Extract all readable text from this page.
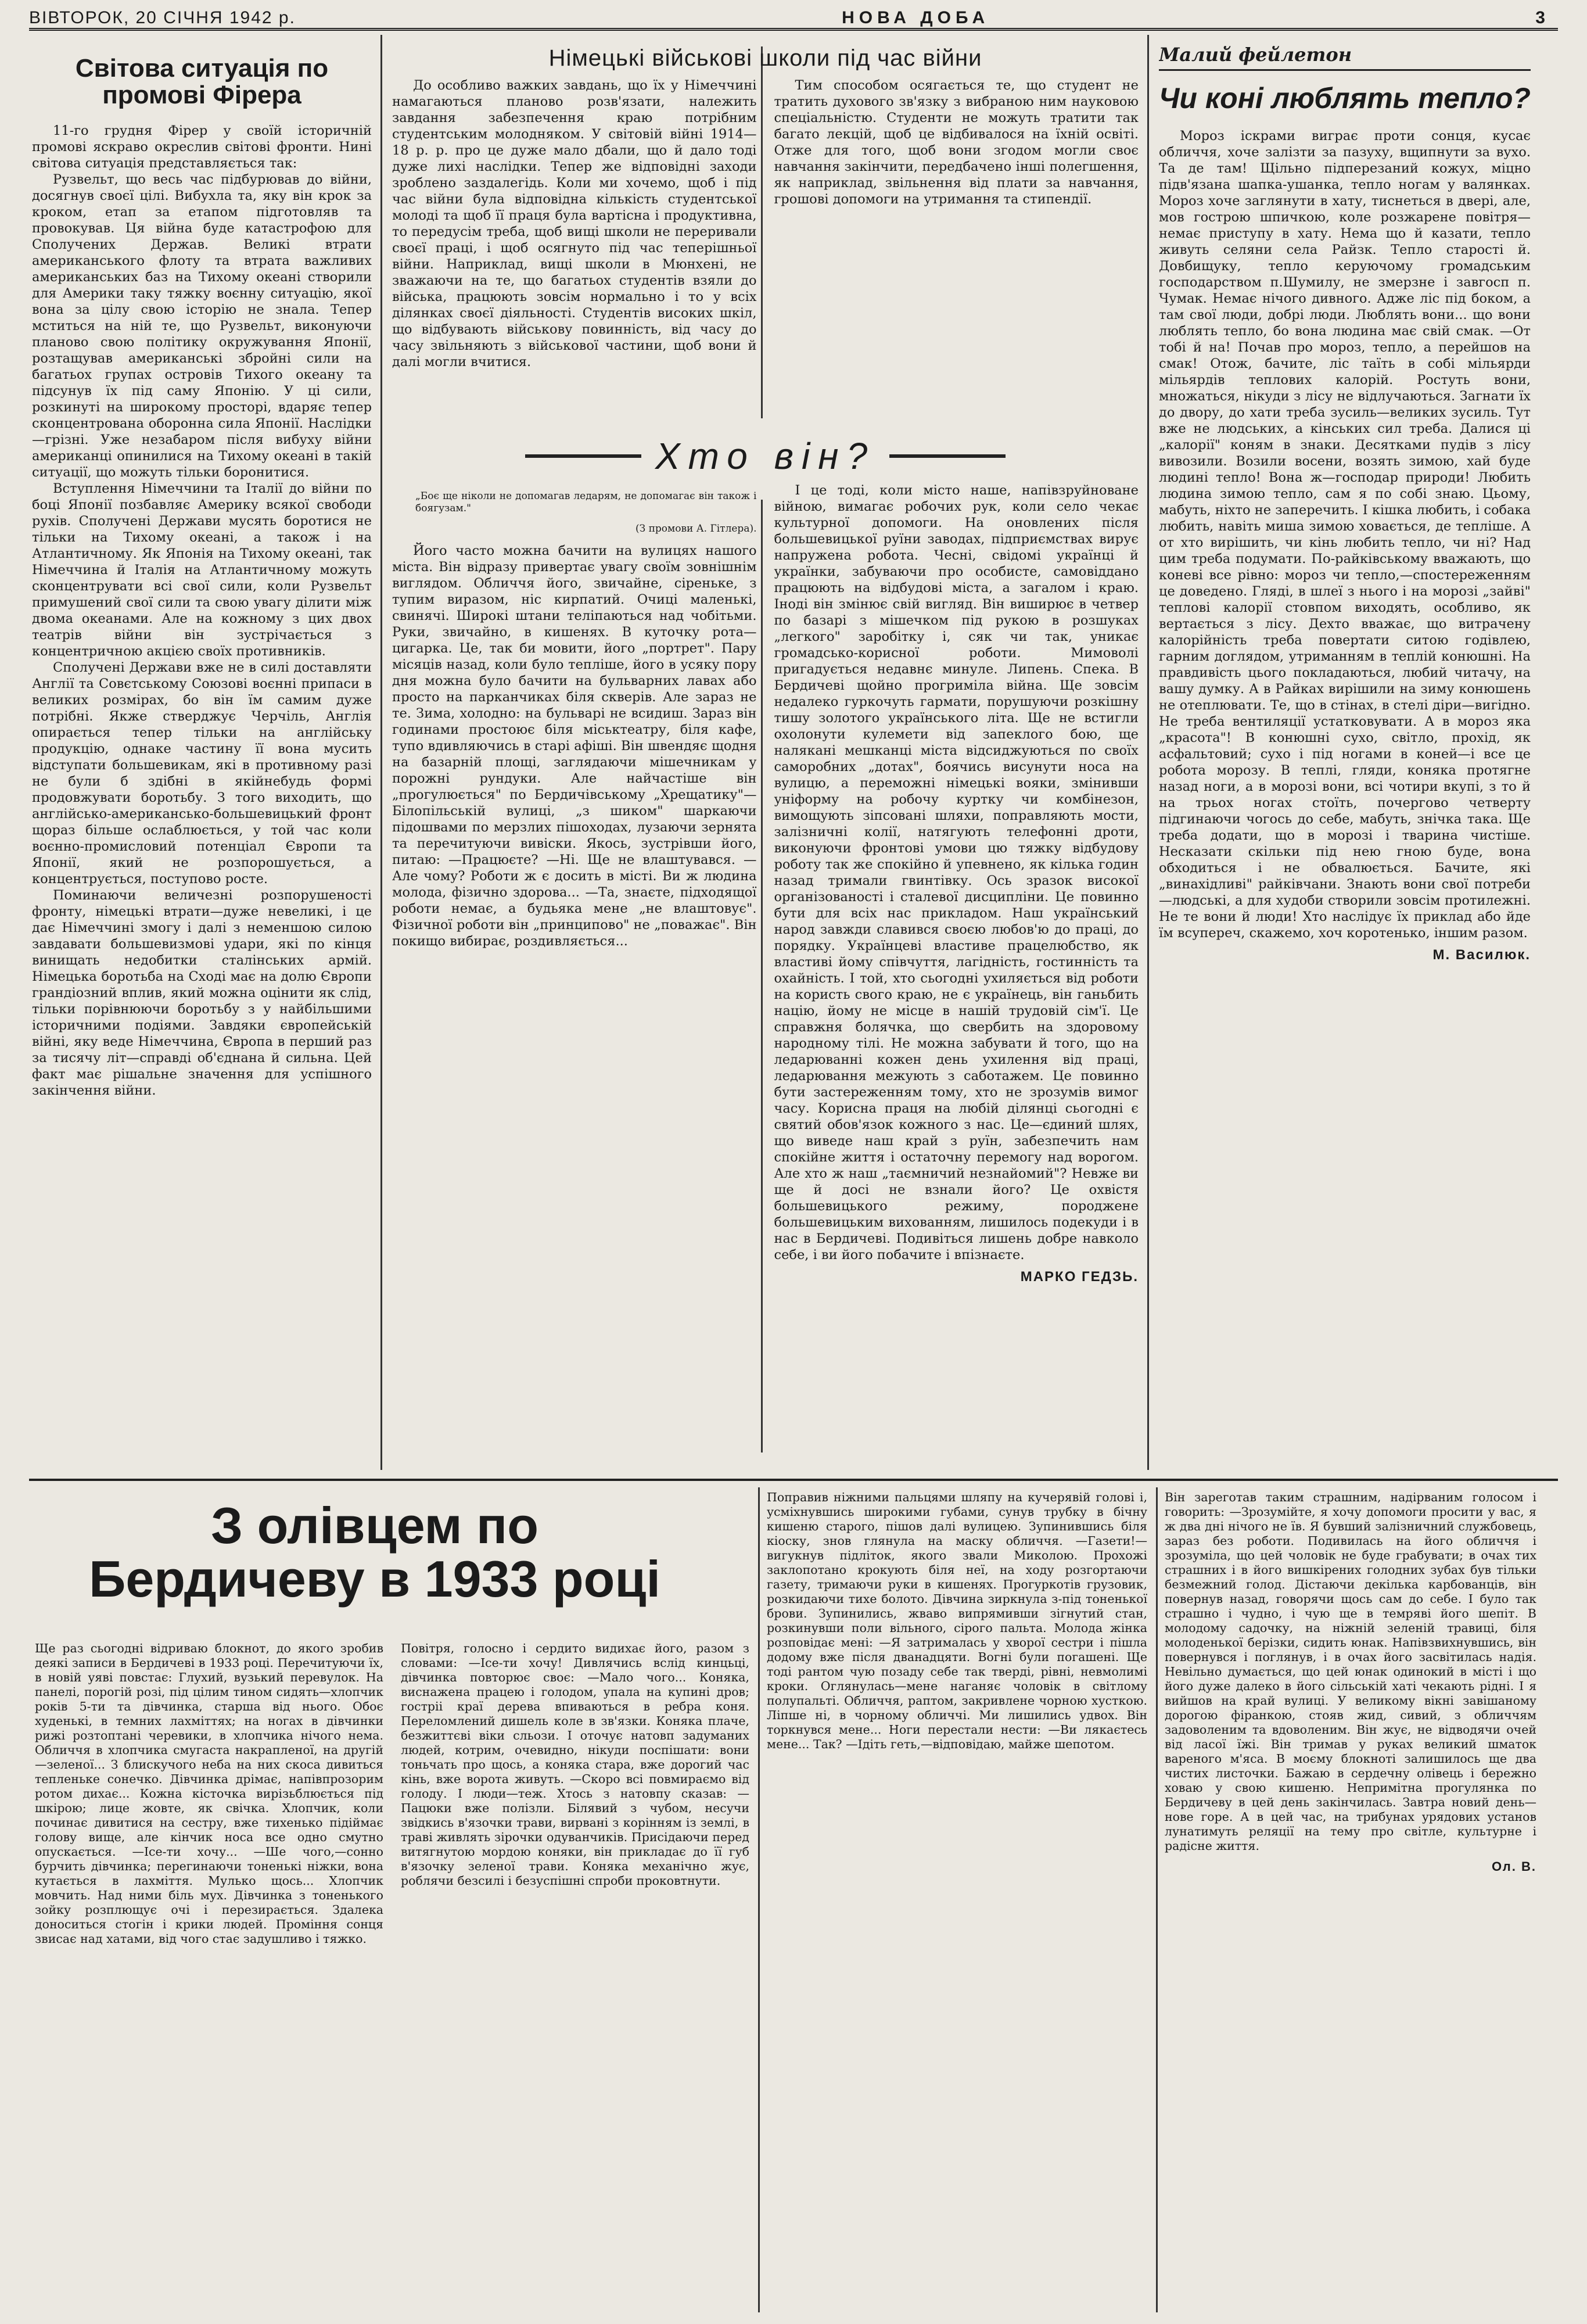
ВІВТОРОК, 20 СІЧНЯ 1942 р.	НОВА ДОБА	3
Світова ситуація по промові Фірера

11-го грудня Фірер у своїй історичній промові яскраво окреслив світові фронти. Нині світова ситуація представляється так:

Рузвельт, що весь час підбурював до війни, досягнув своєї цілі. Вибухла та, яку він крок за кроком, етап за етапом підготовляв та провокував. Ця війна буде катастрофою для Сполучених Держав. Великі втрати американського флоту та втрата важливих американських баз на Тихому океані створили для Америки таку тяжку воєнну ситуацію, якої вона за цілу свою історію не знала. Тепер мститься на ній те, що Рузвельт, виконуючи планово свою політику окружування Японії, розтащував американські збройні сили на багатьох групах островів Тихого океану та підсунув їх під саму Японію. У ці сили, розкинуті на широкому просторі, вдаряє тепер сконцентрована оборонна сила Японії. Наслідки—грізні. Уже незабаром після вибуху війни американці опинилися на Тихому океані в такій ситуації, що можуть тільки боронитися.

Вступлення Німеччини та Італії до війни по боці Японії позбавляє Америку всякої свободи рухів. Сполучені Держави мусять боротися не тільки на Тихому океані, а також і на Атлантичному. Як Японія на Тихому океані, так Німеччина й Італія на Атлантичному можуть сконцентрувати всі свої сили, коли Рузвельт примушений свої сили та свою увагу ділити між двома океанами. Але на кожному з цих двох театрів війни він зустрічається з концентричною акцією своїх противників.

Сполучені Держави вже не в силі доставляти Англії та Совєтському Союзові воєнні припаси в великих розмірах, бо він їм самим дуже потрібні. Якже стверджує Черчіль, Англія опирається тепер тільки на англійську продукцію, однаке частину її вона мусить відступати большевикам, які в противному разі не були б здібні в якійнебудь формі продовжувати боротьбу. З того виходить, що англійсько-американсько-большевицький фронт щораз більше ослаблюється, у той час коли воєнно-промисловий потенціал Європи та Японії, який не розпорошується, а концентрується, поступово росте.

Поминаючи величезні розпорушеності фронту, німецькі втрати—дуже невеликі, і це дає Німеччині змогу і далі з неменшою силою завдавати большевизмові удари, які по кінця винищать недобитки сталінських армій. Німецька боротьба на Сході має на долю Європи грандіозний вплив, який можна оцінити як слід, тільки порівнюючи боротьбу з у найбільшими історичними подіями. Завдяки європейській війні, яку веде Німеччина, Європа в перший раз за тисячу літ—справді об'єднана й сильна. Цей факт має рішальне значення для успішного закінчення війни.

Німецькі військові школи під час війни
До особливо важких завдань, що їх у Німеччині намагаються планово розв'язати, належить завдання забезпечення краю потрібним студентським молодняком. У світовій війні 1914—18 р. р. про це дуже мало дбали, що й дало тоді дуже лихі наслідки. Тепер же відповідні заходи зроблено заздалегідь. Коли ми хочемо, щоб і під час війни була відповідна кількість студентської молоді та щоб її праця була вартісна і продуктивна, то передусім треба, щоб вищі школи не переривали своєї праці, і щоб осягнуто під час теперішньої війни. Наприклад, вищі школи в Мюнхені, не зважаючи на те, що багатьох студентів взяли до війська, працюють зовсім нормально і то у всіх ділянках своєї діяльності. Студентів високих шкіл, що відбувають військову повинність, від часу до часу звільняють з військової частини, щоб вони й далі могли вчитися.
Тим способом осягається те, що студент не тратить духового зв'язку з вибраною ним науковою спеціальністю. Студенти не можуть тратити так багато лекцій, щоб це відбивалося на їхній освіті. Отже для того, щоб вони згодом могли своє навчання закінчити, передбачено інші полегшення, як наприклад, звільнення від плати за навчання, грошові допомоги на утримання та стипендії.
Хто він?
„Боє ще ніколи не допомагав ледарям, не допомагає він також і боягузам."
(З промови А. Гітлера).
Його часто можна бачити на вулицях нашого міста. Він відразу привертає увагу своїм зовнішнім виглядом. Обличчя його, звичайне, сіреньке, з тупим виразом, ніс кирпатий. Очиці маленькі, свинячі. Широкі штани теліпаються над чобітьми. Руки, звичайно, в кишенях. В куточку рота—цигарка. Це, так би мовити, його „портрет". Пару місяців назад, коли було тепліше, його в усяку пору дня можна було бачити на бульварних лавах або просто на парканчиках біля скверів. Але зараз не те. Зима, холодно: на бульварі не всидиш. Зараз він годинами простоює біля міськтеатру, біля кафе, тупо вдивляючись в старі афіші. Він швендяє щодня на базарній площі, заглядаючи мішечникам у порожні рундуки. Але найчастіше він „прогулюється" по Бердичівському „Хрещатику"—Білопільській вулиці, „з шиком" шаркаючи підошвами по мерзлих пішоходах, лузаючи зернята та перечитуючи вивіски. Якось, зустрівши його, питаю: —Працюєте? —Ні. Ще не влаштувався. —Але чому? Роботи ж є досить в місті. Ви ж людина молода, фізично здорова... —Та, знаєте, підходящої роботи немає, а будьяка мене „не влаштовує". Фізичної роботи він „принципово" не „поважає". Він покищо вибирає, роздивляється...
І це тоді, коли місто наше, напівзруйноване війною, вимагає робочих рук, коли село чекає культурної допомоги. На оновлених після большевицької руїни заводах, підприємствах вирує напружена робота. Чесні, свідомі українці й українки, забуваючи про особисте, самовіддано працюють на відбудові міста, а загалом і краю. Іноді він змінює свій вигляд. Він виширює в четвер по базарі з мішечком під рукою в розшуках „легкого" заробітку і, сяк чи так, уникає громадсько-корисної роботи. Мимоволі пригадується недавнє минуле. Липень. Спека. В Бердичеві щойно прогриміла війна. Ще зовсім недалеко гуркочуть гармати, порушуючи розкішну тишу золотого українського літа. Ще не встигли охолонути кулемети від запеклого бою, ще налякані мешканці міста відсиджуються по своїх саморобних „дотах", боячись висунути носа на вулицю, а переможні німецькі вояки, змінивши уніформу на робочу куртку чи комбінезон, вимощують зіпсовані шляхи, поправляють мости, залізничні колії, натягують телефонні дроти, виконуючи фронтові умови цю тяжку відбудову роботу так же спокійно й упевнено, як кілька годин назад тримали гвинтівку. Ось зразок високої організованості і сталевої дисципліни. Це повинно бути для всіх нас прикладом. Наш український народ завжди славився своєю любов'ю до праці, до порядку. Українцеві властиве працелюбство, як властиві йому співчуття, лагідність, гостинність та охайність. І той, хто сьогодні ухиляється від роботи на користь свого краю, не є українець, він ганьбить націю, йому не місце в нашій трудовій сім'ї. Це справжня болячка, що свербить на здоровому народному тілі. Не можна забувати й того, що на ледарюванні кожен день ухилення від праці, ледарювання межують з саботажем. Це повинно бути застереженням тому, хто не зрозумів вимог часу. Корисна праця на любій ділянці сьогодні є святий обов'язок кожного з нас. Це—єдиний шлях, що виведе наш край з руїн, забезпечить нам спокійне життя і остаточну перемогу над ворогом. Але хто ж наш „таємничий незнайомий"? Невже ви ще й досі не взнали його? Це охвістя большевицького режиму, породжене большевицьким вихованням, лишилось подекуди і в нас в Бердичеві. Подивіться лишень добре навколо себе, і ви його побачите і впізнаєте.
МАРКО ГЕДЗЬ.
Малий фейлетон
Чи коні люблять тепло?
Мороз іскрами виграє проти сонця, кусає обличчя, хоче залізти за пазуху, вщипнути за вухо. Та де там! Щільно підперезаний кожух, міцно підв'язана шапка-ушанка, тепло ногам у валянках. Мороз хоче заглянути в хату, тиснеться в двері, але, мов гострою шпичкою, коле розжарене повітря—немає приступу в хату. Нема що й казати, тепло живуть селяни села Райзк. Тепло старості й. Довбищуку, тепло керуючому громадським господарством п.Шумилу, не змерзне і завгосп п. Чумак. Немає нічого дивного. Адже ліс під боком, а там свої люди, добрі люди. Люблять вони... що вони люблять тепло, бо вона людина має свій смак. —От тобі й на! Почав про мороз, тепло, а перейшов на смак! Отож, бачите, ліс таїть в собі мільярди мільярдів теплових калорій. Ростуть вони, множаться, нікуди з лісу не відлучаються. Загнати їх до двору, до хати треба зусиль—великих зусиль. Тут вже не людських, а кінських сил треба. Далися ці „калорії" коням в знаки. Десятками пудів з лісу вивозили. Возили восени, возять зимою, хай буде людині тепло! Вона ж—господар природи! Любить людина зимою тепло, сам я по собі знаю. Цьому, мабуть, ніхто не заперечить. І кішка любить, і собака любить, навіть миша зимою ховається, де тепліше. А от хто вирішить, чи кінь любить тепло, чи ні? Над цим треба подумати. По-райківському вважають, що коневі все рівно: мороз чи тепло,—спостереженням це доведено. Гляді, в шлеї з нього і на морозі „зайві" теплові калорії стовпом виходять, особливо, як вертається з лісу. Дехто вважає, що витрачену калорійність треба повертати ситою годівлею, гарним доглядом, утриманням в теплій конюшні. На правдивість цього покладаються, любий читачу, на вашу думку. А в Райках вирішили на зиму конюшень не отеплювати. Те, що в стінах, в стелі діри—вигідно. Не треба вентиляції устатковувати. А в мороз яка „красота"! В конюшні сухо, світло, прохід, як асфальтовий; сухо і під ногами в коней—і все це робота морозу. В теплі, гляди, коняка протягне назад ноги, а в морозі вони, всі чотири вкупі, з то й на трьох ногах стоїть, почергово четверту підгинаючи чогось до себе, мабуть, знічка така. Ще треба додати, що в морозі і тварина чистіше. Несказати скільки під нею гною буде, вона обходиться і не обвалюється. Бачите, які „винахідливі" райківчани. Знають вони свої потреби—людські, а для худоби створили зовсім протилежні. Не те вони й люди! Хто наслідує їх приклад або йде їм всупереч, скажемо, хоч коротенько, іншим разом.
М. Василюк.
З олівцем по Бердичеву в 1933 році
Ще раз сьогодні відриваю блокнот, до якого зробив деякі записи в Бердичеві в 1933 році. Перечитуючи їх, в новій уяві повстає: Глухий, вузький перевулок. На панелі, порогій розі, під цілим тином сидять—хлопчик років 5-ти та дівчинка, старша від нього. Обоє худенькі, в темних лахміттях; на ногах в дівчинки рижі розтоптані черевики, в хлопчика нічого нема. Обличчя в хлопчика смугаста накрапленої, на другій—зеленої... З блискучого неба на них скоса дивиться тепленьке сонечко. Дівчинка дрімає, напівпрозорим ротом дихає... Кожна кісточка вирізьблюється під шкірою; лице жовте, як свічка. Хлопчик, коли починає дивитися на сестру, вже тихенько підіймає голову вище, але кінчик носа все одно смутно опускається. —Ісе-ти хочу... —Ше чого,—сонно бурчить дівчинка; перегинаючи тоненькі ніжки, вона кутається в лахміття. Мулько щось... Хлопчик мовчить. Над ними біль мух. Дівчинка з тоненького зойку розплющує очі і перезирається. Здалека доноситься стогін і крики людей. Проміння сонця звисає над хатами, від чого стає задушливо і тяжко.
Повітря, голосно і сердито видихає його, разом з словами: —Ісе-ти хочу! Дивлячись вслід кинцьці, дівчинка повторює своє: —Мало чого... Коняка, виснажена працею і голодом, упала на купині дров; гостріі краї дерева впиваються в ребра коня. Переломлений дишель коле в зв'язки. Коняка плаче, безжиттєві віки сльози. І оточує натовп задуманих людей, котрим, очевидно, нікуди поспішати: вони тоньчать про щось, а коняка стара, вже дорогий час кінь, вже ворота живуть. —Скоро всі повмираємо від голоду. І люди—теж. Хтось з натовпу сказав: —Пацюки вже полізли. Білявий з чубом, несучи звідкись в'язочки трави, вирвані з корінням із землі, в траві живлять зірочки одуванчиків. Присідаючи перед витягнутою мордою коняки, він прикладає до її губ в'язочку зеленої трави. Коняка механічно жує, роблячи безсилі і безуспішні спроби проковтнути.
Поправив ніжними пальцями шляпу на кучерявій голові і, усміхнувшись широкими губами, сунув трубку в бічну кишеню старого, пішов далі вулицею. Зупинившись біля кіоску, знов глянула на маску обличчя. —Газети!—вигукнув підліток, якого звали Миколою. Прохожі заклопотано крокують біля неї, на ходу розгортаючи газету, тримаючи руки в кишенях. Прогуркотів грузовик, розкидаючи тихе болото. Дівчина зиркнула з-під тоненької брови. Зупинились, жваво випрямивши зігнутий стан, розкинувши поли вільного, сірого пальта. Молода жінка розповідає мені: —Я затрималась у хворої сестри і пішла додому вже після дванадцяти. Вогні були погашені. Ще тоді рантом чую позаду себе так тверді, рівні, невмолимі кроки. Оглянулась—мене наганяє чоловік в світлому полупальті. Обличчя, раптом, закривлене чорною хусткою. Ліпше ні, в чорному обличчі. Ми лишились удвох. Він торкнувся мене... Ноги перестали нести: —Ви лякаєтесь мене... Так? —Ідіть геть,—відповідаю, майже шепотом.
Він зареготав таким страшним, надірваним голосом і говорить: —Зрозумійте, я хочу допомоги просити у вас, я ж два дні нічого не їв. Я бувший залізничний службовець, зараз без роботи. Подивилась на його обличчя і зрозуміла, що цей чоловік не буде грабувати; в очах тих страшних і в його вишкірених голодних зубах був тільки безмежний голод. Дістаючи декілька карбованців, він повернув назад, говорячи щось сам до себе. І було так страшно і чудно, і чую ще в темряві його шепіт. В молодому садочку, на ніжній зеленій травиці, біля молоденької берізки, сидить юнак. Напівзвихнувшись, він повернувся і поглянув, і в очах його засвітилась надія. Невільно думається, що цей юнак одинокий в місті і що його дуже далеко в його сільській хаті чекають рідні. І я вийшов на край вулиці. У великому вікні завішаному дорогою фіранкою, стояв жид, сивий, з обличчям задоволеним та вдоволеним. Він жує, не відводячи очей від ласої їжі. Він тримав у руках великий шматок вареного м'яса. В моєму блокноті залишилось ще два чистих листочки. Бажаю в сердечну олівець і бережно ховаю у свою кишеню. Непримітна прогулянка по Бердичеву в цей день закінчилась. Завтра новий день—нове горе. А в цей час, на трибунах урядових установ лунатимуть реляції на тему про світле, культурне і радісне життя.
Ол. В.
